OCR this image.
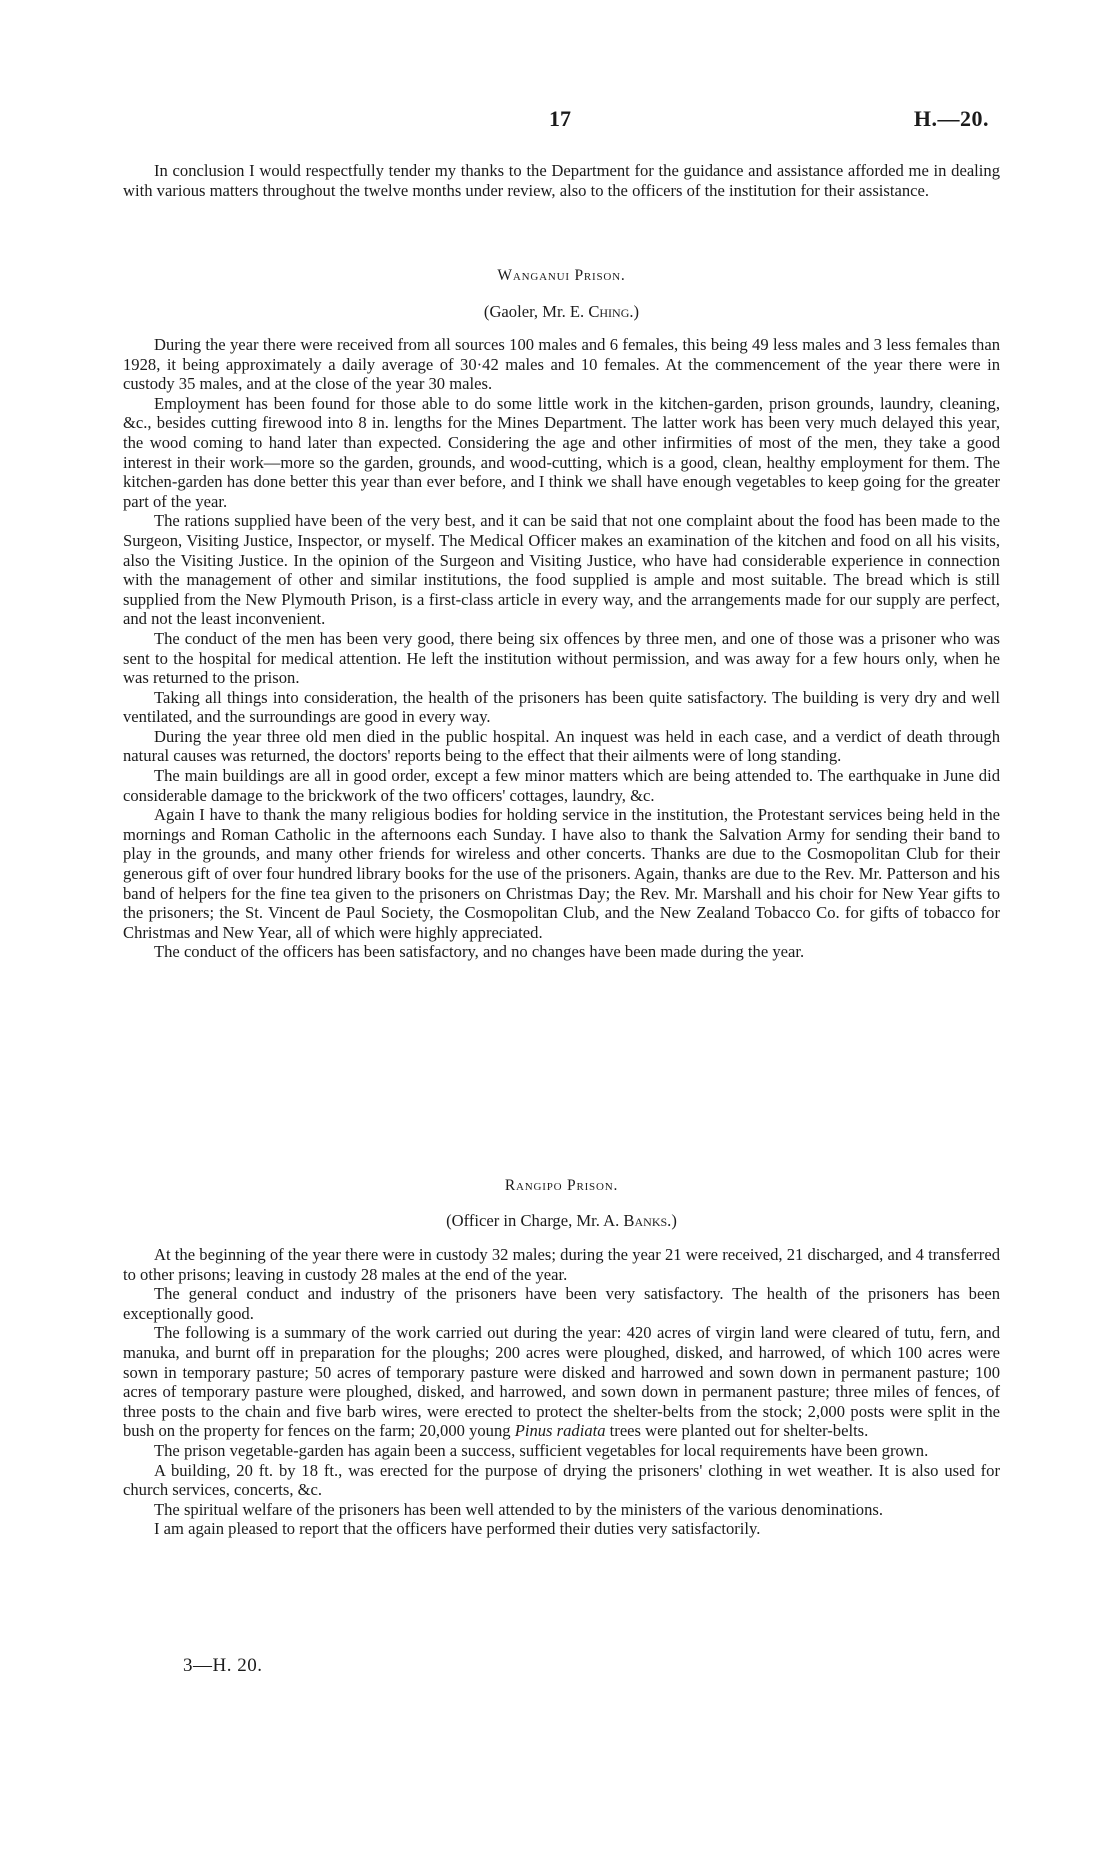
17	H.—20.

In conclusion I would respectfully tender my thanks to the Department for the guidance and assistance afforded me in dealing with various matters throughout the twelve months under review, also to the officers of the institution for their assistance.

Wanganui Prison.
(Gaoler, Mr. E. Ching.)

During the year there were received from all sources 100 males and 6 females, this being 49 less males and 3 less females than 1928, it being approximately a daily average of 30·42 males and 10 females. At the commencement of the year there were in custody 35 males, and at the close of the year 30 males.

Employment has been found for those able to do some little work in the kitchen-garden, prison grounds, laundry, cleaning, &c., besides cutting firewood into 8 in. lengths for the Mines Department. The latter work has been very much delayed this year, the wood coming to hand later than expected. Considering the age and other infirmities of most of the men, they take a good interest in their work—more so the garden, grounds, and wood-cutting, which is a good, clean, healthy employment for them. The kitchen-garden has done better this year than ever before, and I think we shall have enough vegetables to keep going for the greater part of the year.

The rations supplied have been of the very best, and it can be said that not one complaint about the food has been made to the Surgeon, Visiting Justice, Inspector, or myself. The Medical Officer makes an examination of the kitchen and food on all his visits, also the Visiting Justice. In the opinion of the Surgeon and Visiting Justice, who have had considerable experience in connection with the management of other and similar institutions, the food supplied is ample and most suitable. The bread which is still supplied from the New Plymouth Prison, is a first-class article in every way, and the arrangements made for our supply are perfect, and not the least inconvenient.

The conduct of the men has been very good, there being six offences by three men, and one of those was a prisoner who was sent to the hospital for medical attention. He left the institution without permission, and was away for a few hours only, when he was returned to the prison.

Taking all things into consideration, the health of the prisoners has been quite satisfactory. The building is very dry and well ventilated, and the surroundings are good in every way.

During the year three old men died in the public hospital. An inquest was held in each case, and a verdict of death through natural causes was returned, the doctors' reports being to the effect that their ailments were of long standing.

The main buildings are all in good order, except a few minor matters which are being attended to. The earthquake in June did considerable damage to the brickwork of the two officers' cottages, laundry, &c.

Again I have to thank the many religious bodies for holding service in the institution, the Protestant services being held in the mornings and Roman Catholic in the afternoons each Sunday. I have also to thank the Salvation Army for sending their band to play in the grounds, and many other friends for wireless and other concerts. Thanks are due to the Cosmopolitan Club for their generous gift of over four hundred library books for the use of the prisoners. Again, thanks are due to the Rev. Mr. Patterson and his band of helpers for the fine tea given to the prisoners on Christmas Day; the Rev. Mr. Marshall and his choir for New Year gifts to the prisoners; the St. Vincent de Paul Society, the Cosmopolitan Club, and the New Zealand Tobacco Co. for gifts of tobacco for Christmas and New Year, all of which were highly appreciated.

The conduct of the officers has been satisfactory, and no changes have been made during the year.

Rangipo Prison.
(Officer in Charge, Mr. A. Banks.)

At the beginning of the year there were in custody 32 males; during the year 21 were received, 21 discharged, and 4 transferred to other prisons; leaving in custody 28 males at the end of the year.

The general conduct and industry of the prisoners have been very satisfactory. The health of the prisoners has been exceptionally good.

The following is a summary of the work carried out during the year: 420 acres of virgin land were cleared of tutu, fern, and manuka, and burnt off in preparation for the ploughs; 200 acres were ploughed, disked, and harrowed, of which 100 acres were sown in temporary pasture; 50 acres of temporary pasture were disked and harrowed and sown down in permanent pasture; 100 acres of temporary pasture were ploughed, disked, and harrowed, and sown down in permanent pasture; three miles of fences, of three posts to the chain and five barb wires, were erected to protect the shelter-belts from the stock; 2,000 posts were split in the bush on the property for fences on the farm; 20,000 young Pinus radiata trees were planted out for shelter-belts.

The prison vegetable-garden has again been a success, sufficient vegetables for local requirements have been grown.

A building, 20 ft. by 18 ft., was erected for the purpose of drying the prisoners' clothing in wet weather. It is also used for church services, concerts, &c.

The spiritual welfare of the prisoners has been well attended to by the ministers of the various denominations.

I am again pleased to report that the officers have performed their duties very satisfactorily.

3—H. 20.
